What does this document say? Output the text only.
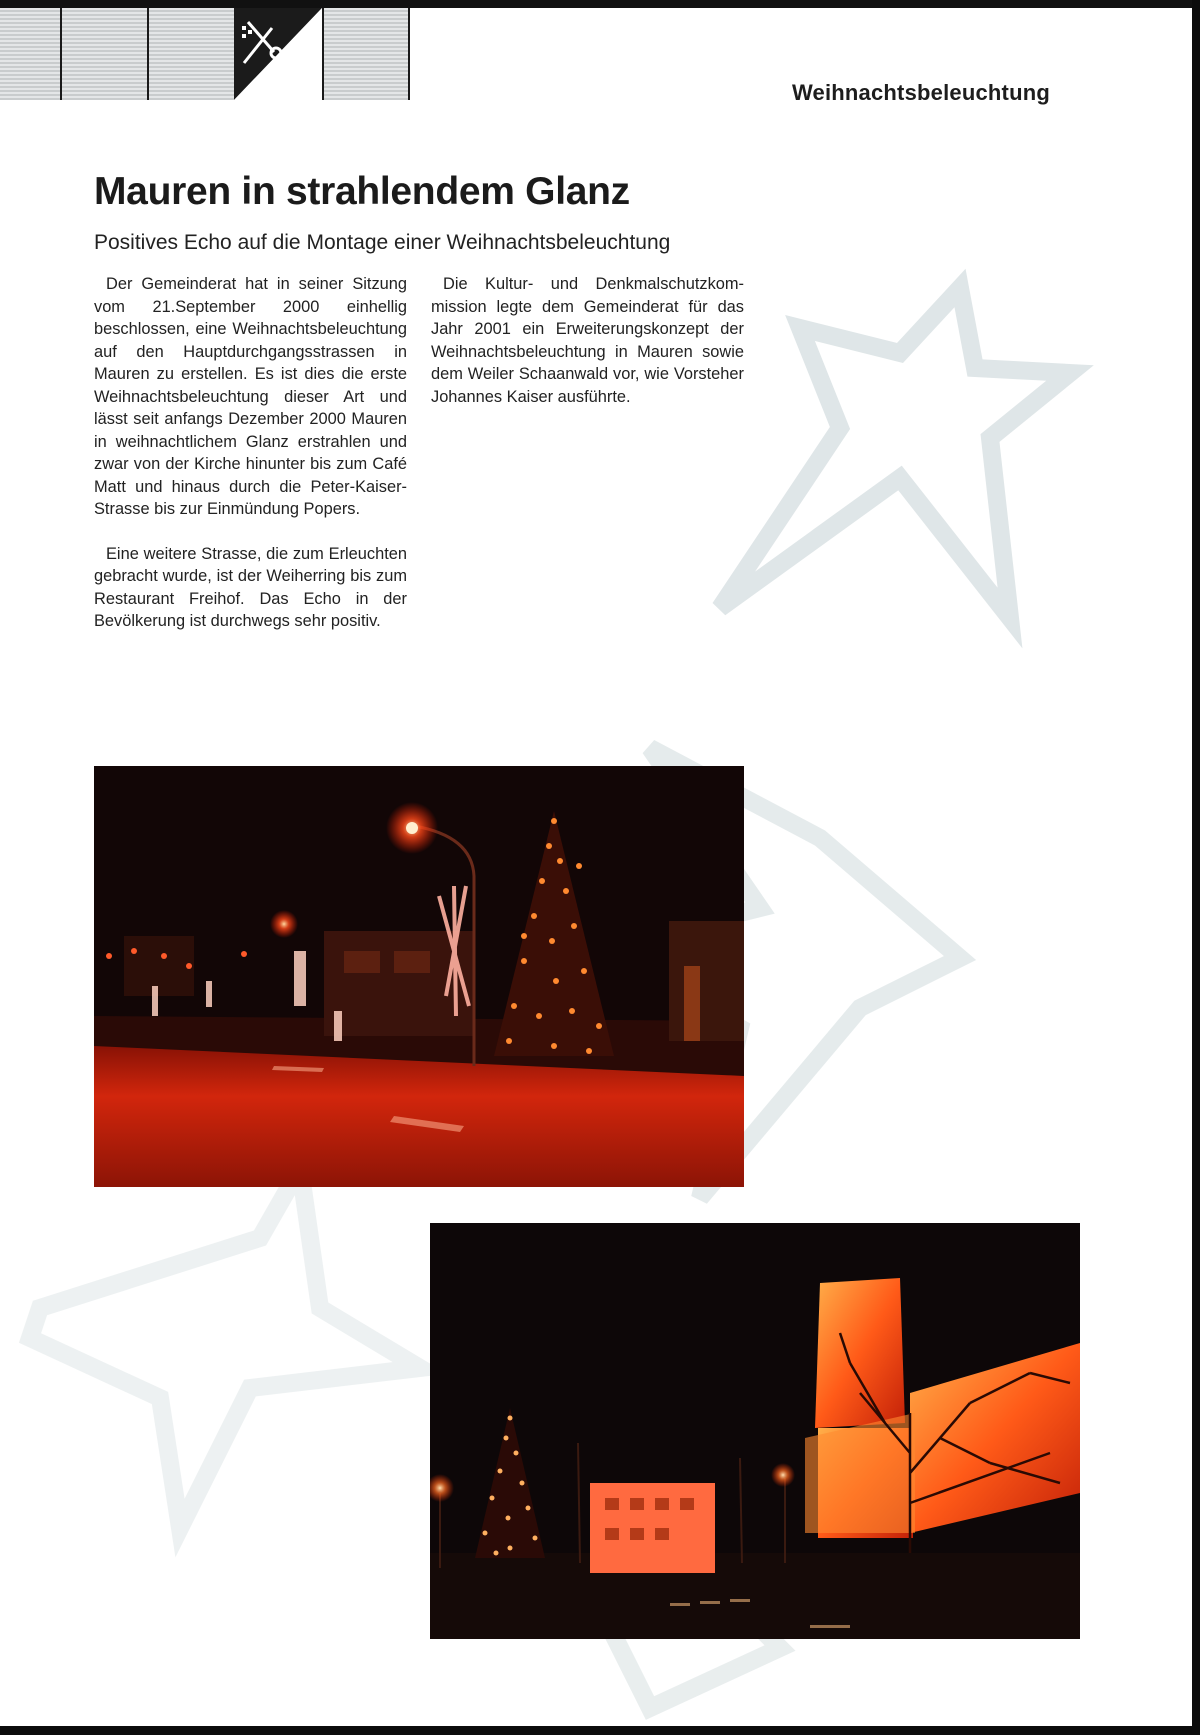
Weihnachtsbeleuchtung
Mauren in strahlendem Glanz
Positives Echo auf die Montage einer Weihnachtsbeleuchtung

Der Gemeinderat hat in seiner Sitzung vom 21.September 2000 einhellig beschlossen, eine Weihnachtsbeleuchtung auf den Hauptdurchgangsstrassen in Mauren zu erstellen. Es ist dies die erste Weihnachtsbeleuchtung dieser Art und lässt seit anfangs Dezember 2000 Mauren in weihnachtlichem Glanz erstrahlen und zwar von der Kirche hinunter bis zum Café Matt und hinaus durch die Peter-Kaiser-Strasse bis zur Einmündung Popers.

Eine weitere Strasse, die zum Erleuchten gebracht wurde, ist der Weiherring bis zum Restaurant Freihof. Das Echo in der Bevölkerung ist durchwegs sehr positiv.

Die Kultur- und Denkmalschutzkommission legte dem Gemeinderat für das Jahr 2001 ein Erweiterungskonzept der Weihnachtsbeleuchtung in Mauren sowie dem Weiler Schaanwald vor, wie Vorsteher Johannes Kaiser ausführte.
